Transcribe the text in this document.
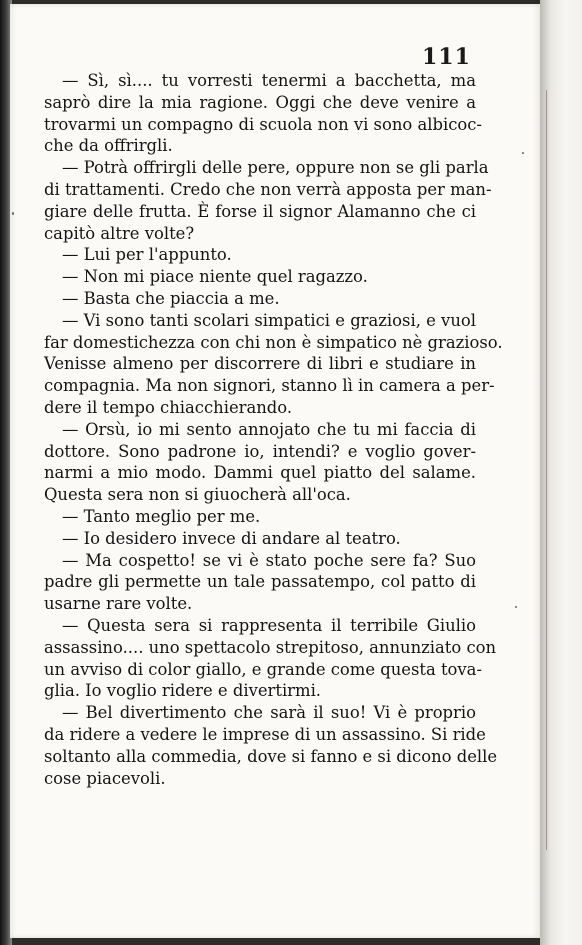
111
— Sì, sì.... tu vorresti tenermi a bacchetta, ma
saprò dire la mia ragione. Oggi che deve venire a
trovarmi un compagno di scuola non vi sono albicoc-
che da offrirgli.
— Potrà offrirgli delle pere, oppure non se gli parla
di trattamenti. Credo che non verrà apposta per man-
giare delle frutta. È forse il signor Alamanno che ci
capitò altre volte?
— Lui per l'appunto.
— Non mi piace niente quel ragazzo.
— Basta che piaccia a me.
— Vi sono tanti scolari simpatici e graziosi, e vuol
far domestichezza con chi non è simpatico nè grazioso.
Venisse almeno per discorrere di libri e studiare in
compagnia. Ma non signori, stanno lì in camera a per-
dere il tempo chiacchierando.
— Orsù, io mi sento annojato che tu mi faccia di
dottore. Sono padrone io, intendi? e voglio gover-
narmi a mio modo. Dammi quel piatto del salame.
Questa sera non si giuocherà all'oca.
— Tanto meglio per me.
— Io desidero invece di andare al teatro.
— Ma cospetto! se vi è stato poche sere fa? Suo
padre gli permette un tale passatempo, col patto di
usarne rare volte.
— Questa sera si rappresenta il terribile Giulio
assassino.... uno spettacolo strepitoso, annunziato con
un avviso di color giallo, e grande come questa tova-
glia. Io voglio ridere e divertirmi.
— Bel divertimento che sarà il suo! Vi è proprio
da ridere a vedere le imprese di un assassino. Si ride
soltanto alla commedia, dove si fanno e si dicono delle
cose piacevoli.
